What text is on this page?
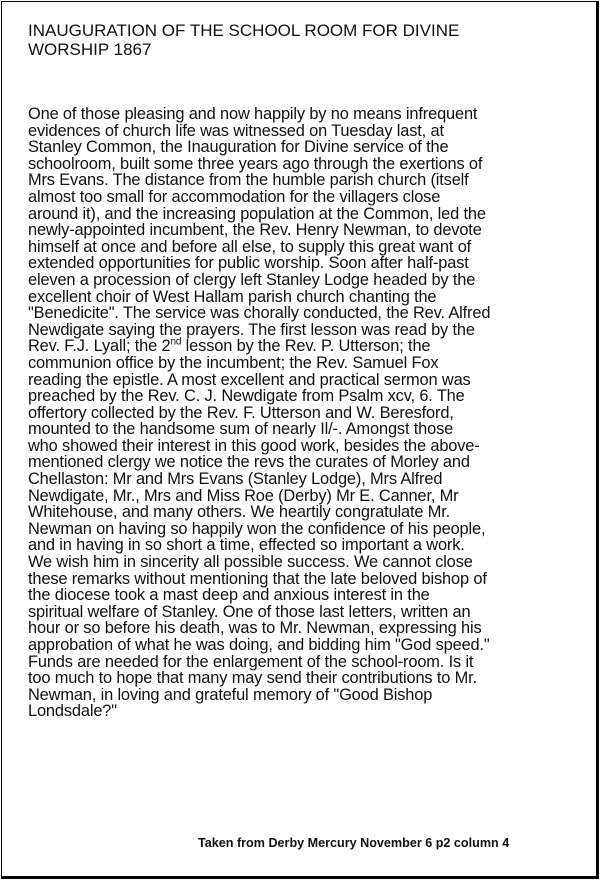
INAUGURATION OF THE SCHOOL ROOM FOR DIVINE
WORSHIP 1867
One of those pleasing and now happily by no means infrequent
evidences of church life was witnessed on Tuesday last, at
Stanley Common, the Inauguration for Divine service of the
schoolroom, built some three years ago through the exertions of
Mrs Evans. The distance from the humble parish church (itself
almost too small for accommodation for the villagers close
around it), and the increasing population at the Common, led the
newly-appointed incumbent, the Rev. Henry Newman, to devote
himself at once and before all else, to supply this great want of
extended opportunities for public worship. Soon after half-past
eleven a procession of clergy left Stanley Lodge headed by the
excellent choir of West Hallam parish church chanting the
"Benedicite". The service was chorally conducted, the Rev. Alfred
Newdigate saying the prayers. The first lesson was read by the
Rev. F.J. Lyall; the 2nd lesson by the Rev. P. Utterson; the
communion office by the incumbent; the Rev. Samuel Fox
reading the epistle. A most excellent and practical sermon was
preached by the Rev. C. J. Newdigate from Psalm xcv, 6. The
offertory collected by the Rev. F. Utterson and W. Beresford,
mounted to the handsome sum of nearly Il/-. Amongst those
who showed their interest in this good work, besides the above-
mentioned clergy we notice the revs the curates of Morley and
Chellaston: Mr and Mrs Evans (Stanley Lodge), Mrs Alfred
Newdigate, Mr., Mrs and Miss Roe (Derby) Mr E. Canner, Mr
Whitehouse, and many others. We heartily congratulate Mr.
Newman on having so happily won the confidence of his people,
and in having in so short a time, effected so important a work.
We wish him in sincerity all possible success. We cannot close
these remarks without mentioning that the late beloved bishop of
the diocese took a mast deep and anxious interest in the
spiritual welfare of Stanley. One of those last letters, written an
hour or so before his death, was to Mr. Newman, expressing his
approbation of what he was doing, and bidding him "God speed."
Funds are needed for the enlargement of the school-room. Is it
too much to hope that many may send their contributions to Mr.
Newman, in loving and grateful memory of "Good Bishop
Londsdale?"

Taken from Derby Mercury November 6 p2 column 4
